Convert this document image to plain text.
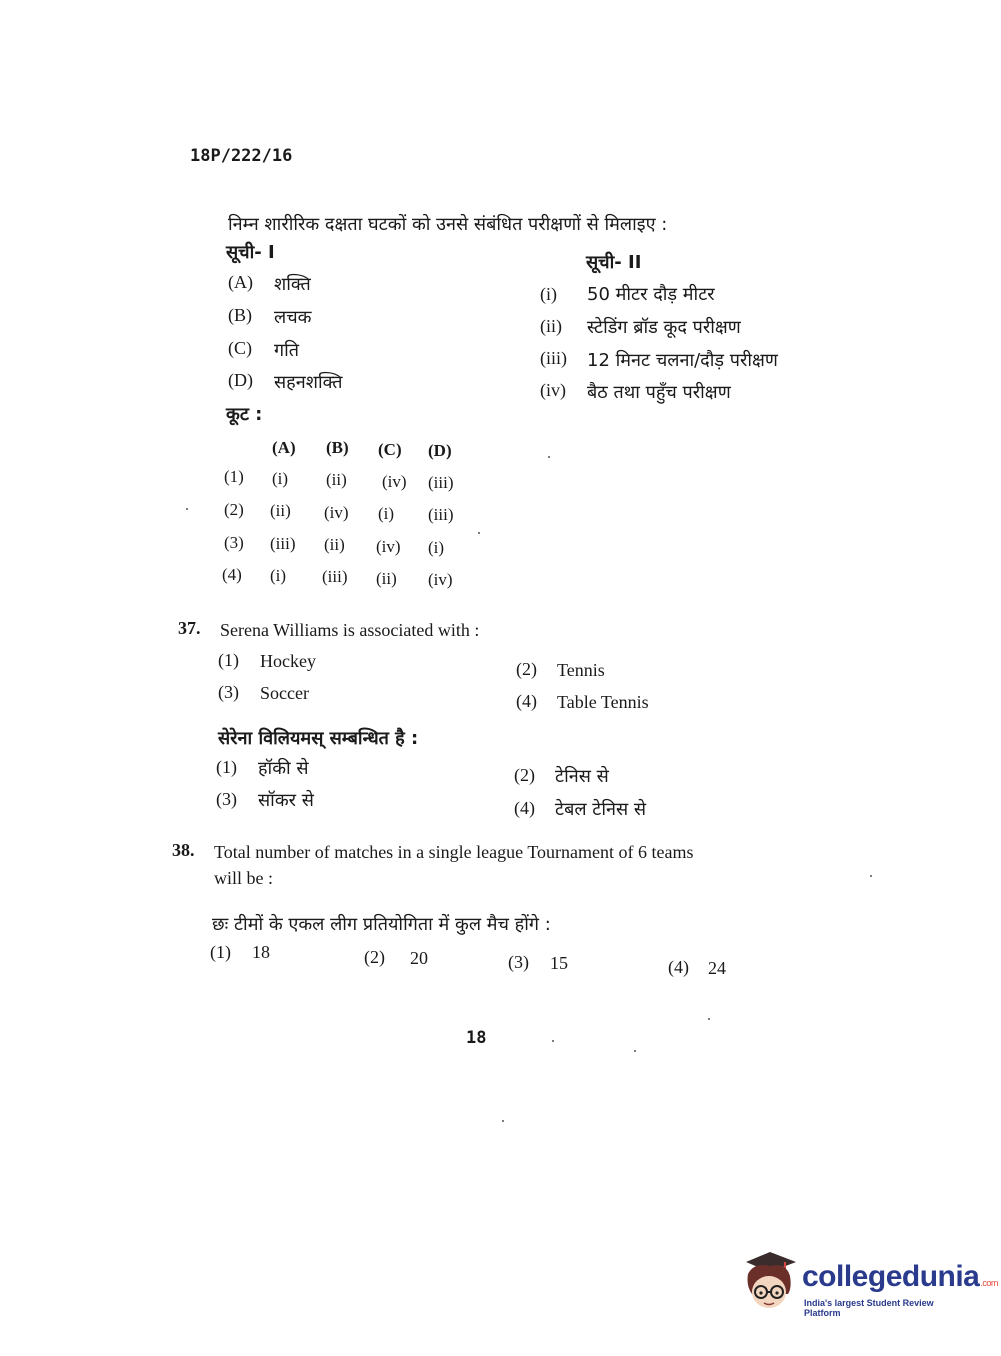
18P/222/16
निम्न शारीरिक दक्षता घटकों को उनसे संबंधित परीक्षणों से मिलाइए :
सूची- I	सूची- II
(A) शक्ति
(B) लचक
(C) गति
(D) सहनशक्ति
(i) 50 मीटर दौड़ मीटर
(ii) स्टेडिंग ब्रॉड कूद परीक्षण
(iii) 12 मिनट चलना/दौड़ परीक्षण
(iv) बैठ तथा पहुँच परीक्षण
कूट :
(A) (B) (C) (D)
(1) (i) (ii) (iv) (iii)
(2) (ii) (iv) (i) (iii)
(3) (iii) (ii) (iv) (i)
(4) (i) (iii) (ii) (iv)
37. Serena Williams is associated with :
(1) Hockey	(2) Tennis
(3) Soccer	(4) Table Tennis
सेरेना विलियमस् सम्बन्धित है :
(1) हॉकी से	(2) टेनिस से
(3) सॉकर से	(4) टेबल टेनिस से
38. Total number of matches in a single league Tournament of 6 teams
will be :
छः टीमों के एकल लीग प्रतियोगिता में कुल मैच होंगे :
(1) 18	(2) 20	(3) 15	(4) 24
18
collegedunia.com
India's largest Student Review Platform
